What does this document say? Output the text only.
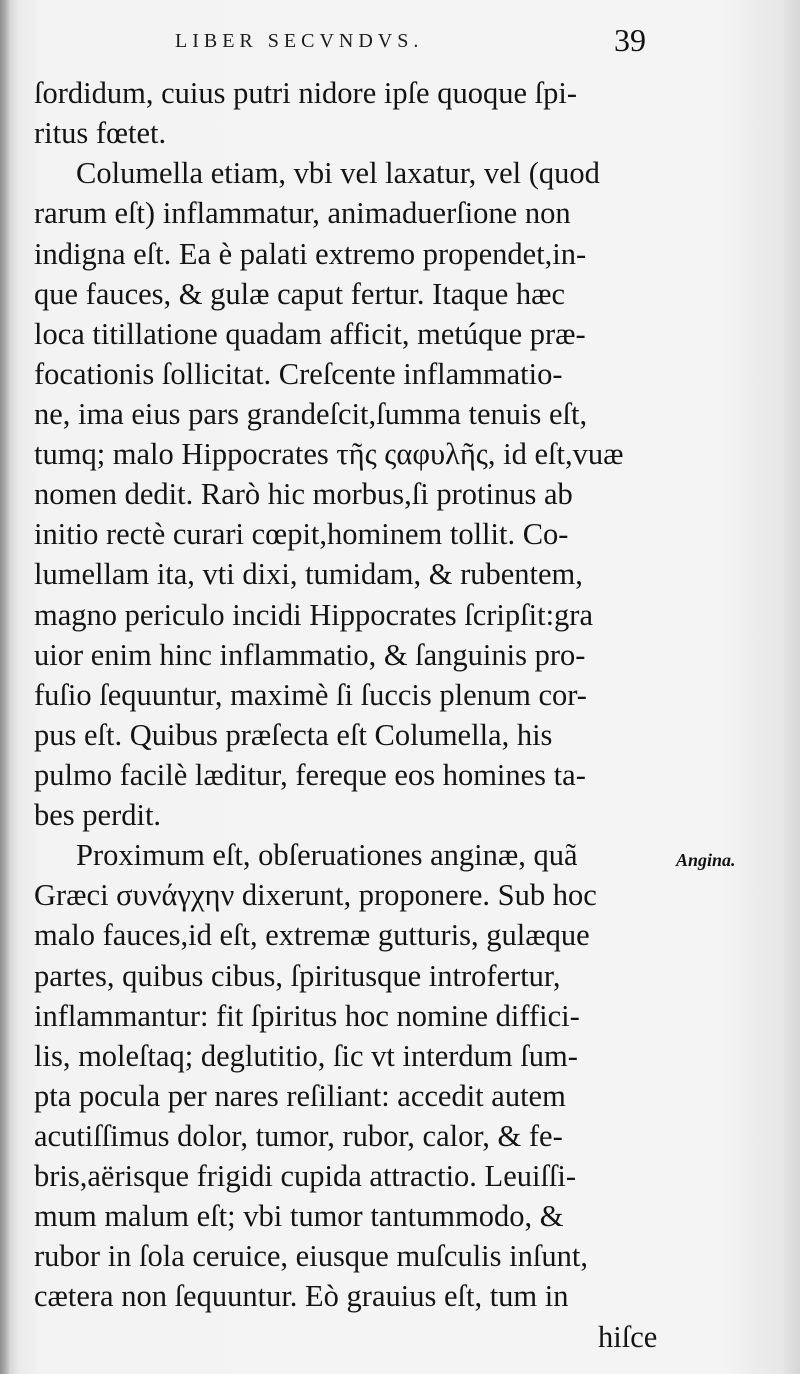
LIBER SECVNDVS.	39
Angina.
ſordidum, cuius putri nidore ipſe quoque ſpi-
ritus fœtet.
Columella etiam, vbi vel laxatur, vel (quod
rarum eſt) inflammatur, animaduerſione non
indigna eſt. Ea è palati extremo propendet,in-
que fauces, & gulæ caput fertur. Itaque hæc
loca titillatione quadam afficit, metúque præ-
focationis ſollicitat. Creſcente inflammatio-
ne, ima eius pars grandeſcit,ſumma tenuis eſt,
tumq; malo Hippocrates τῆς ςαφυλῆς, id eſt,vuæ
nomen dedit. Rarò hic morbus,ſi protinus ab
initio rectè curari cœpit,hominem tollit. Co-
lumellam ita, vti dixi, tumidam, & rubentem,
magno periculo incidi Hippocrates ſcripſit:gra
uior enim hinc inflammatio, & ſanguinis pro-
fuſio ſequuntur, maximè ſi ſuccis plenum cor-
pus eſt. Quibus præſecta eſt Columella, his
pulmo facilè læditur, fereque eos homines ta-
bes perdit.
Proximum eſt, obſeruationes anginæ, quã
Græci συνάγχην dixerunt, proponere. Sub hoc
malo fauces,id eſt, extremæ gutturis, gulæque
partes, quibus cibus, ſpiritusque introfertur,
inflammantur: fit ſpiritus hoc nomine diffici-
lis, moleſtaq; deglutitio, ſic vt interdum ſum-
pta pocula per nares reſiliant: accedit autem
acutiſſimus dolor, tumor, rubor, calor, & fe-
bris,aërisque frigidi cupida attractio. Leuiſſi-
mum malum eſt; vbi tumor tantummodo, &
rubor in ſola ceruice, eiusque muſculis inſunt,
cætera non ſequuntur. Eò grauius eſt, tum in
hiſce
